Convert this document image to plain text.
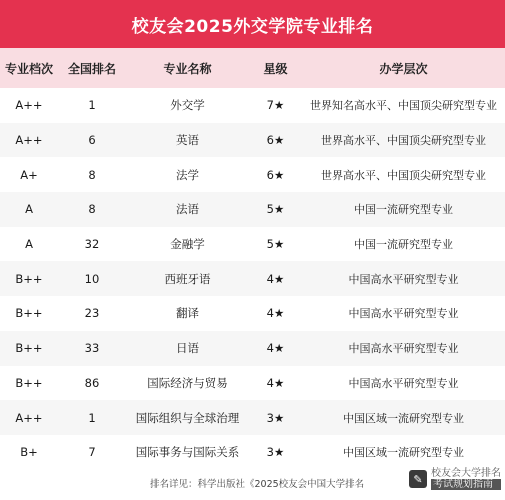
校友会2025外交学院专业排名
专业档次	全国排名	专业名称	星级	办学层次
A++	1	外交学	7★	世界知名高水平、中国顶尖研究型专业
A++	6	英语	6★	世界高水平、中国顶尖研究型专业
A+	8	法学	6★	世界高水平、中国顶尖研究型专业
A	8	法语	5★	中国一流研究型专业
A	32	金融学	5★	中国一流研究型专业
B++	10	西班牙语	4★	中国高水平研究型专业
B++	23	翻译	4★	中国高水平研究型专业
B++	33	日语	4★	中国高水平研究型专业
B++	86	国际经济与贸易	4★	中国高水平研究型专业
A++	1	国际组织与全球治理	3★	中国区域一流研究型专业
B+	7	国际事务与国际关系	3★	中国区域一流研究型专业
排名详见：科学出版社《2025校友会中国大学排名	✎ 校友会大学排名
考试规划指南
